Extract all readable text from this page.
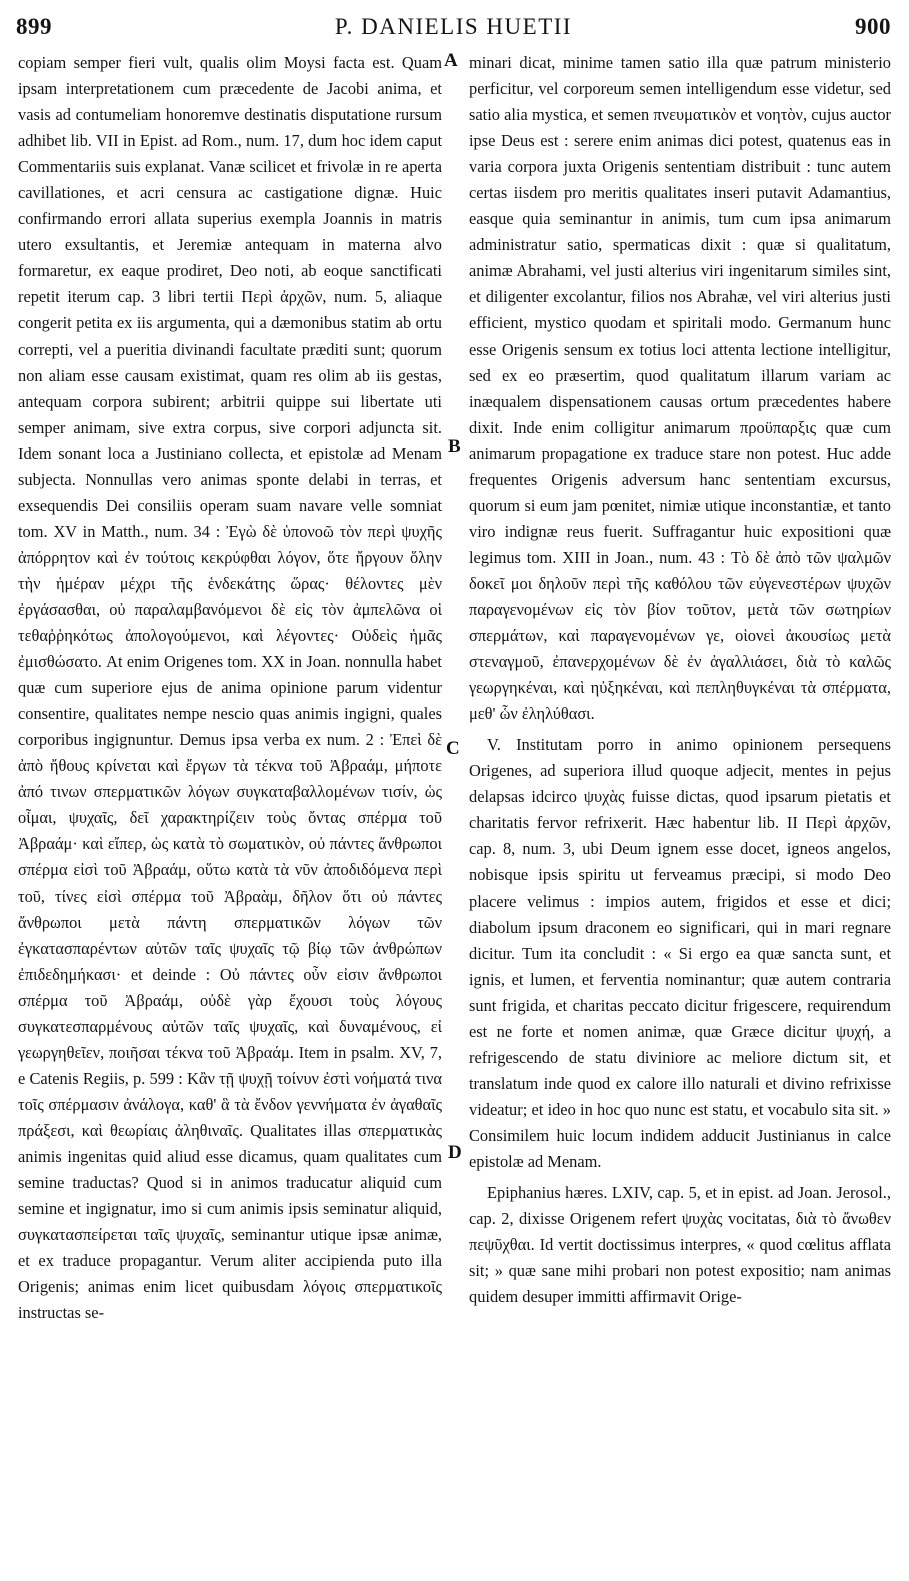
899	P. DANIELIS HUETII	900

copiam semper fieri vult, qualis olim Moysi facta est. Quam ipsam interpretationem cum præcedente de Jacobi anima, et vasis ad contumeliam honoremve destinatis disputatione rursum adhibet lib. VII in Epist. ad Rom., num. 17, dum hoc idem caput Commentariis suis explanat. Vanæ scilicet et frivolæ in re aperta cavillationes, et acri censura ac castigatione dignæ. Huic confirmando errori allata superius exempla Joannis in matris utero exsultantis, et Jeremiæ antequam in materna alvo formaretur, ex eaque prodiret, Deo noti, ab eoque sanctificati repetit iterum cap. 3 libri tertii Περὶ ἀρχῶν, num. 5, aliaque congerit petita ex iis argumenta, qui a dæmonibus statim ab ortu correpti, vel a pueritia divinandi facultate præditi sunt; quorum non aliam esse causam existimat, quam res olim ab iis gestas, antequam corpora subirent; arbitrii quippe sui libertate uti semper animam, sive extra corpus, sive corpori adjuncta sit. Idem sonant loca a Justiniano collecta, et epistolæ ad Menam subjecta. Nonnullas vero animas sponte delabi in terras, et exsequendis Dei consiliis operam suam navare velle somniat tom. XV in Matth., num. 34 : Ἐγὼ δὲ ὑπονοῶ τὸν περὶ ψυχῆς ἀπόρρητον καὶ ἐν τούτοις κεκρύφθαι λόγον, ὅτε ἤργουν ὅλην τὴν ἡμέραν μέχρι τῆς ἑνδεκάτης ὥρας· θέλοντες μὲν ἐργάσασθαι, οὐ παραλαμβανόμενοι δὲ εἰς τὸν ἀμπελῶνα οἱ τεθαῤῥηκότως ἀπολογούμενοι, καὶ λέγοντες· Οὐδεὶς ἡμᾶς ἐμισθώσατο. At enim Origenes tom. XX in Joan. nonnulla habet quæ cum superiore ejus de anima opinione parum videntur consentire, qualitates nempe nescio quas animis ingigni, quales corporibus ingignuntur. Demus ipsa verba ex num. 2 : Ἐπεὶ δὲ ἀπὸ ἤθους κρίνεται καὶ ἔργων τὰ τέκνα τοῦ Ἀβραάμ, μήποτε ἀπό τινων σπερματικῶν λόγων συγκαταβαλλομένων τισίν, ὡς οἶμαι, ψυχαῖς, δεῖ χαρακτηρίζειν τοὺς ὄντας σπέρμα τοῦ Ἀβραάμ· καὶ εἴπερ, ὡς κατὰ τὸ σωματικὸν, οὐ πάντες ἄνθρωποι σπέρμα εἰσὶ τοῦ Ἀβραάμ, οὕτω κατὰ τὰ νῦν ἀποδιδόμενα περὶ τοῦ, τίνες εἰσὶ σπέρμα τοῦ Ἀβραὰμ, δῆλον ὅτι οὐ πάντες ἄνθρωποι μετὰ πάντη σπερματικῶν λόγων τῶν ἐγκατασπαρέντων αὐτῶν ταῖς ψυχαῖς τῷ βίῳ τῶν ἀνθρώπων ἐπιδεδημήκασι· et deinde : Οὐ πάντες οὖν εἰσιν ἄνθρωποι σπέρμα τοῦ Ἀβραάμ, οὐδὲ γὰρ ἔχουσι τοὺς λόγους συγκατεσπαρμένους αὐτῶν ταῖς ψυχαῖς, καὶ δυναμένους, εἰ γεωργηθεῖεν, ποιῆσαι τέκνα τοῦ Ἀβραάμ. Item in psalm. XV, 7, e Catenis Regiis, p. 599 : Κἂν τῇ ψυχῇ τοίνυν ἐστὶ νοήματά τινα τοῖς σπέρμασιν ἀνάλογα, καθ' ἃ τὰ ἔνδον γεννήματα ἐν ἀγαθαῖς πράξεσι, καὶ θεωρίαις ἀληθιναῖς. Qualitates illas σπερματικὰς animis ingenitas quid aliud esse dicamus, quam qualitates cum semine traductas? Quod si in animos traducatur aliquid cum semine et ingignatur, imo si cum animis ipsis seminatur aliquid, συγκατασπείρεται ταῖς ψυχαῖς, seminantur utique ipsæ animæ, et ex traduce propagantur. Verum aliter accipienda puto illa Origenis; animas enim licet quibusdam λόγοις σπερματικοῖς instructas se-

A
B
C
D

minari dicat, minime tamen satio illa quæ patrum ministerio perficitur, vel corporeum semen intelligendum esse videtur, sed satio alia mystica, et semen πνευματικὸν et νοητὸν, cujus auctor ipse Deus est : serere enim animas dici potest, quatenus eas in varia corpora juxta Origenis sententiam distribuit : tunc autem certas iisdem pro meritis qualitates inseri putavit Adamantius, easque quia seminantur in animis, tum cum ipsa animarum administratur satio, spermaticas dixit : quæ si qualitatum, animæ Abrahami, vel justi alterius viri ingenitarum similes sint, et diligenter excolantur, filios nos Abrahæ, vel viri alterius justi efficient, mystico quodam et spiritali modo. Germanum hunc esse Origenis sensum ex totius loci attenta lectione intelligitur, sed ex eo præsertim, quod qualitatum illarum variam ac inæqualem dispensationem causas ortum præcedentes habere dixit. Inde enim colligitur animarum προϋπαρξις quæ cum animarum propagatione ex traduce stare non potest. Huc adde frequentes Origenis adversum hanc sententiam excursus, quorum si eum jam pœnitet, nimiæ utique inconstantiæ, et tanto viro indignæ reus fuerit. Suffragantur huic expositioni quæ legimus tom. XIII in Joan., num. 43 : Τὸ δὲ ἀπὸ τῶν ψαλμῶν δοκεῖ μοι δηλοῦν περὶ τῆς καθόλου τῶν εὐγενεστέρων ψυχῶν παραγενομένων εἰς τὸν βίον τοῦτον, μετὰ τῶν σωτηρίων σπερμάτων, καὶ παραγενομένων γε, οἱονεὶ ἀκουσίως μετὰ στεναγμοῦ, ἐπανερχομένων δὲ ἐν ἀγαλλιάσει, διὰ τὸ καλῶς γεωργηκέναι, καὶ ηὐξηκέναι, καὶ πεπληθυγκέναι τὰ σπέρματα, μεθ' ὧν ἐληλύθασι.

V. Institutam porro in animo opinionem persequens Origenes, ad superiora illud quoque adjecit, mentes in pejus delapsas idcirco ψυχὰς fuisse dictas, quod ipsarum pietatis et charitatis fervor refrixerit. Hæc habentur lib. II Περὶ ἀρχῶν, cap. 8, num. 3, ubi Deum ignem esse docet, igneos angelos, nobisque ipsis spiritu ut ferveamus præcipi, si modo Deo placere velimus : impios autem, frigidos et esse et dici; diabolum ipsum draconem eo significari, qui in mari regnare dicitur. Tum ita concludit : « Si ergo ea quæ sancta sunt, et ignis, et lumen, et ferventia nominantur; quæ autem contraria sunt frigida, et charitas peccato dicitur frigescere, requirendum est ne forte et nomen animæ, quæ Græce dicitur ψυχή, a refrigescendo de statu diviniore ac meliore dictum sit, et translatum inde quod ex calore illo naturali et divino refrixisse videatur; et ideo in hoc quo nunc est statu, et vocabulo sita sit. » Consimilem huic locum indidem adducit Justinianus in calce epistolæ ad Menam.

Epiphanius hæres. LXIV, cap. 5, et in epist. ad Joan. Jerosol., cap. 2, dixisse Origenem refert ψυχὰς vocitatas, διὰ τὸ ἄνωθεν πεψῦχθαι. Id vertit doctissimus interpres, « quod cœlitus afflata sit; » quæ sane mihi probari non potest expositio; nam animas quidem desuper immitti affirmavit Orige-
